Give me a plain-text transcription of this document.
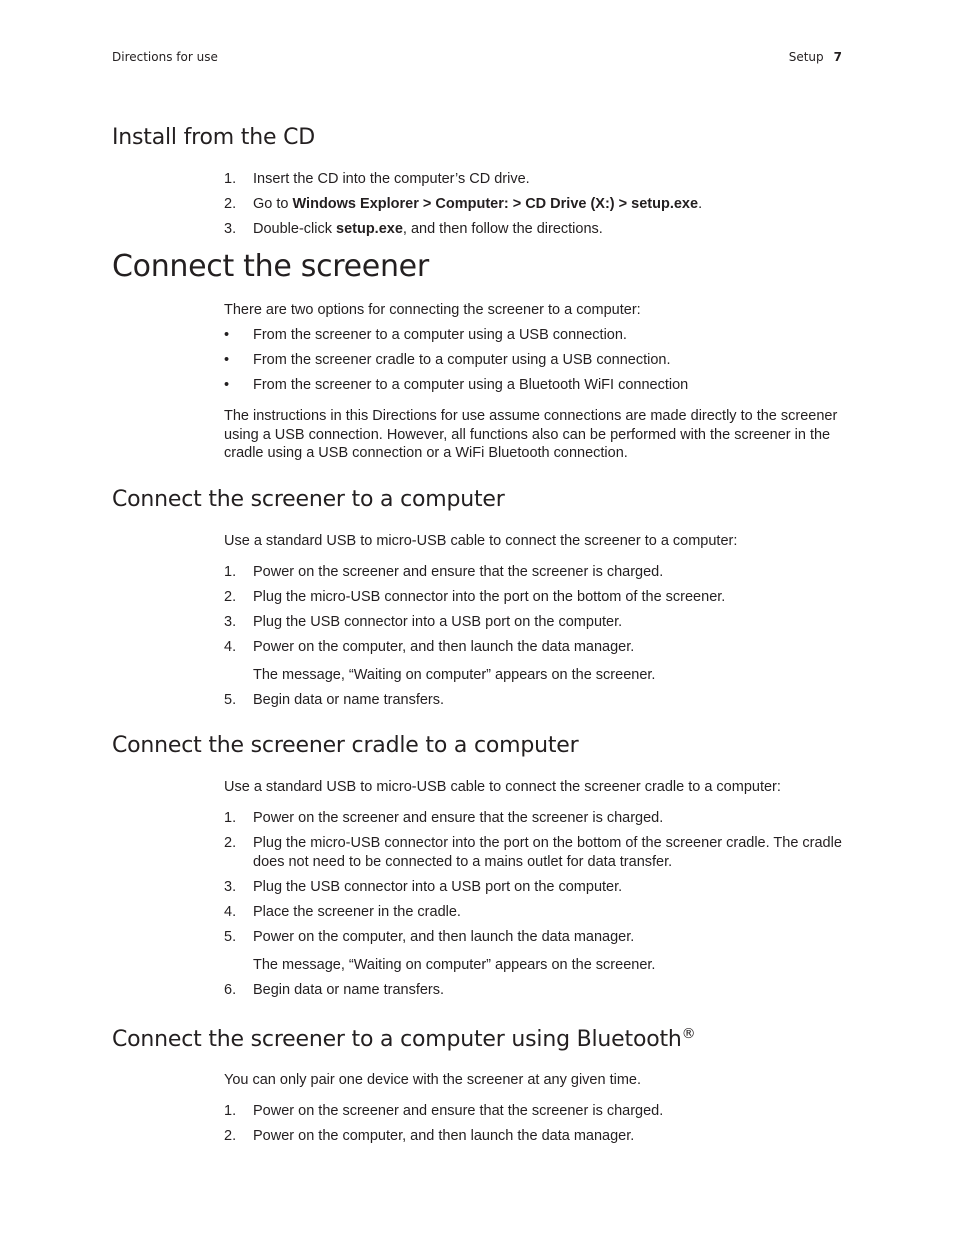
Directions for use	Setup 7
Install from the CD
1.	Insert the CD into the computer’s CD drive.
2.	Go to Windows Explorer > Computer: > CD Drive (X:) > setup.exe.
3.	Double-click setup.exe, and then follow the directions.
Connect the screener

There are two options for connecting the screener to a computer:

•	From the screener to a computer using a USB connection.
•	From the screener cradle to a computer using a USB connection.
•	From the screener to a computer using a Bluetooth WiFI connection

The instructions in this Directions for use assume connections are made directly to the screener using a USB connection. However, all functions also can be performed with the screener in the cradle using a USB connection or a WiFi Bluetooth connection.

Connect the screener to a computer

Use a standard USB to micro-USB cable to connect the screener to a computer:

1.	Power on the screener and ensure that the screener is charged.
2.	Plug the micro-USB connector into the port on the bottom of the screener.
3.	Plug the USB connector into a USB port on the computer.
4.	Power on the computer, and then launch the data manager.
The message, “Waiting on computer” appears on the screener.
5.	Begin data or name transfers.
Connect the screener cradle to a computer

Use a standard USB to micro-USB cable to connect the screener cradle to a computer:

1.	Power on the screener and ensure that the screener is charged.
2.	Plug the micro-USB connector into the port on the bottom of the screener cradle. The cradle does not need to be connected to a mains outlet for data transfer.
3.	Plug the USB connector into a USB port on the computer.
4.	Place the screener in the cradle.
5.	Power on the computer, and then launch the data manager.
The message, “Waiting on computer” appears on the screener.
6.	Begin data or name transfers.
Connect the screener to a computer using Bluetooth®

You can only pair one device with the screener at any given time.

1.	Power on the screener and ensure that the screener is charged.
2.	Power on the computer, and then launch the data manager.
